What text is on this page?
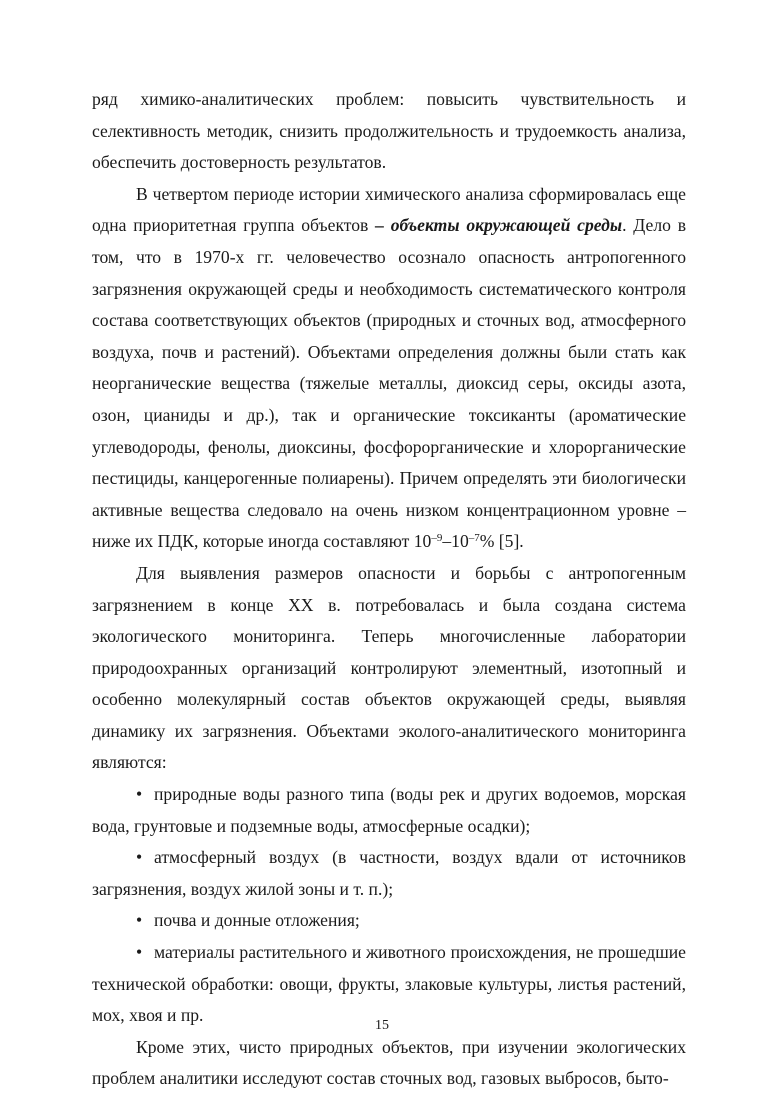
ряд химико-аналитических проблем: повысить чувствительность и селективность методик, снизить продолжительность и трудоемкость анализа, обеспечить достоверность результатов.

В четвертом периоде истории химического анализа сформировалась еще одна приоритетная группа объектов – объекты окружающей среды. Дело в том, что в 1970-х гг. человечество осознало опасность антропогенного загрязнения окружающей среды и необходимость систематического контроля состава соответствующих объектов (природных и сточных вод, атмосферного воздуха, почв и растений). Объектами определения должны были стать как неорганические вещества (тяжелые металлы, диоксид серы, оксиды азота, озон, цианиды и др.), так и органические токсиканты (ароматические углеводороды, фенолы, диоксины, фосфорорганические и хлорорганические пестициды, канцерогенные полиарены). Причем определять эти биологически активные вещества следовало на очень низком концентрационном уровне – ниже их ПДК, которые иногда составляют $10^{-9}-10^{-7}\%$ [5].

Для выявления размеров опасности и борьбы с антропогенным загрязнением в конце XX в. потребовалась и была создана система экологического мониторинга. Теперь многочисленные лаборатории природоохранных организаций контролируют элементный, изотопный и особенно молекулярный состав объектов окружающей среды, выявляя динамику их загрязнения. Объектами эколого-аналитического мониторинга являются:

• природные воды разного типа (воды рек и других водоемов, морская вода, грунтовые и подземные воды, атмосферные осадки);

• атмосферный воздух (в частности, воздух вдали от источников загрязнения, воздух жилой зоны и т. п.);

• почва и донные отложения;

• материалы растительного и животного происхождения, не прошедшие технической обработки: овощи, фрукты, злаковые культуры, листья растений, мох, хвоя и пр.

Кроме этих, чисто природных объектов, при изучении экологических проблем аналитики исследуют состав сточных вод, газовых выбросов, быто-

15
